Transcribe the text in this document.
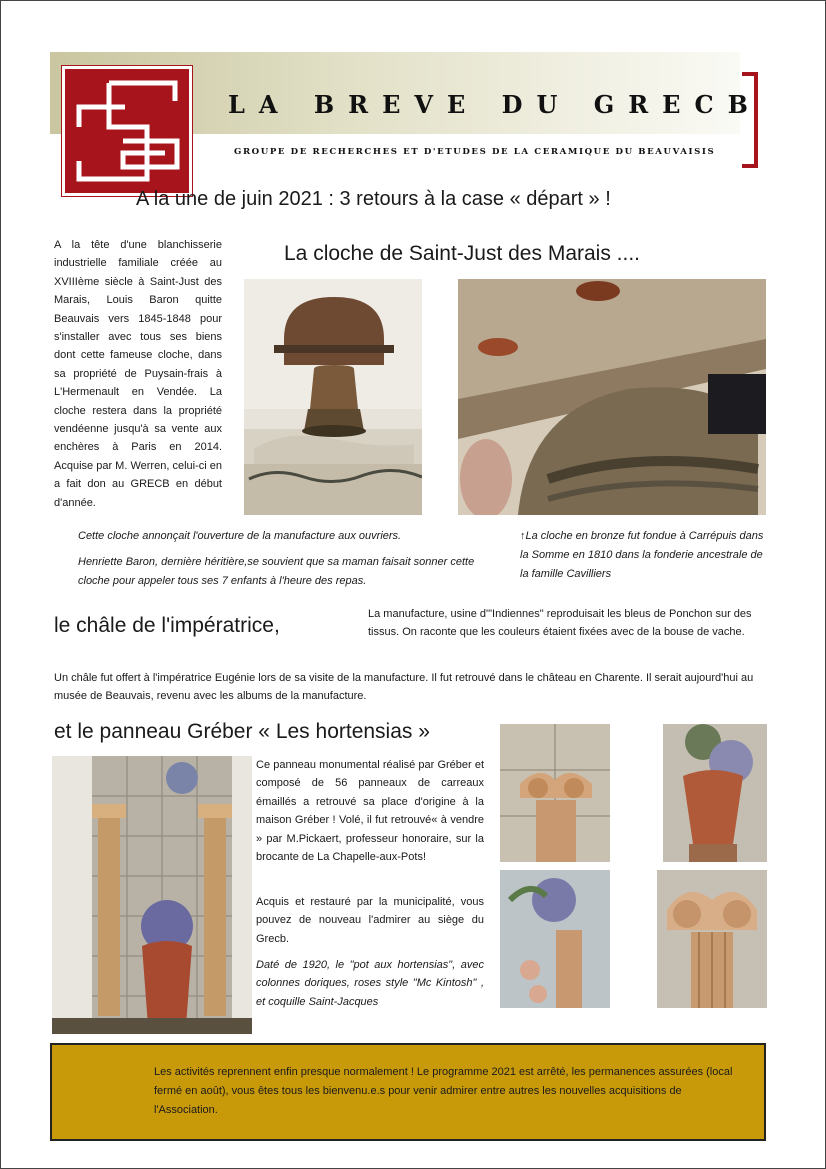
LA BREVE DU GRECB
GROUPE DE RECHERCHES ET D'ETUDES DE LA CERAMIQUE DU BEAUVAISIS
A la une de juin 2021 : 3 retours à la case « départ » !
A la tête d'une blanchisserie industrielle familiale créée au XVIIIème siècle à Saint-Just des Marais, Louis Baron quitte Beauvais vers 1845-1848 pour s'installer avec tous ses biens dont cette fameuse cloche, dans sa propriété de Puysain-frais à L'Hermenault en Vendée. La cloche restera dans la propriété vendéenne jusqu'à sa vente aux enchères à Paris en 2014. Acquise par M. Werren, celui-ci en a fait don au GRECB en début d'année.
La cloche de Saint-Just des Marais ....
Cette cloche annonçait l'ouverture de la manufacture aux ouvriers.
Henriette Baron, dernière héritière,se souvient que sa maman faisait sonner cette cloche pour appeler tous ses 7 enfants à l'heure des repas.
↑La cloche en bronze fut fondue à Carrépuis dans la Somme en 1810 dans la fonderie ancestrale de la famille Cavilliers
le châle de l'impératrice,	La manufacture, usine d'"Indiennes" reproduisait les bleus de Ponchon sur des tissus. On raconte que les couleurs étaient fixées avec de la bouse de vache.
Un châle fut offert à l'impératrice Eugénie lors de sa visite de la manufacture. Il fut retrouvé dans le château en Charente. Il serait aujourd'hui au musée de Beauvais, revenu avec les albums de la manufacture.
et le panneau Gréber « Les hortensias »
Ce panneau monumental réalisé par Gréber et composé de 56 panneaux de carreaux émaillés a retrouvé sa place d'origine à la maison Gréber ! Volé, il fut retrouvé« à vendre » par M.Pickaert, professeur honoraire, sur la brocante de La Chapelle-aux-Pots!
Acquis et restauré par la municipalité, vous pouvez de nouveau l'admirer au siège du Grecb.
Daté de 1920, le "pot aux hortensias", avec colonnes doriques, roses style "Mc Kintosh" , et coquille Saint-Jacques
Les activités reprennent enfin presque normalement ! Le programme 2021 est arrêté, les permanences assurées (local fermé en août), vous êtes tous les bienvenu.e.s pour venir admirer entre autres les nouvelles acquisitions de l'Association.
